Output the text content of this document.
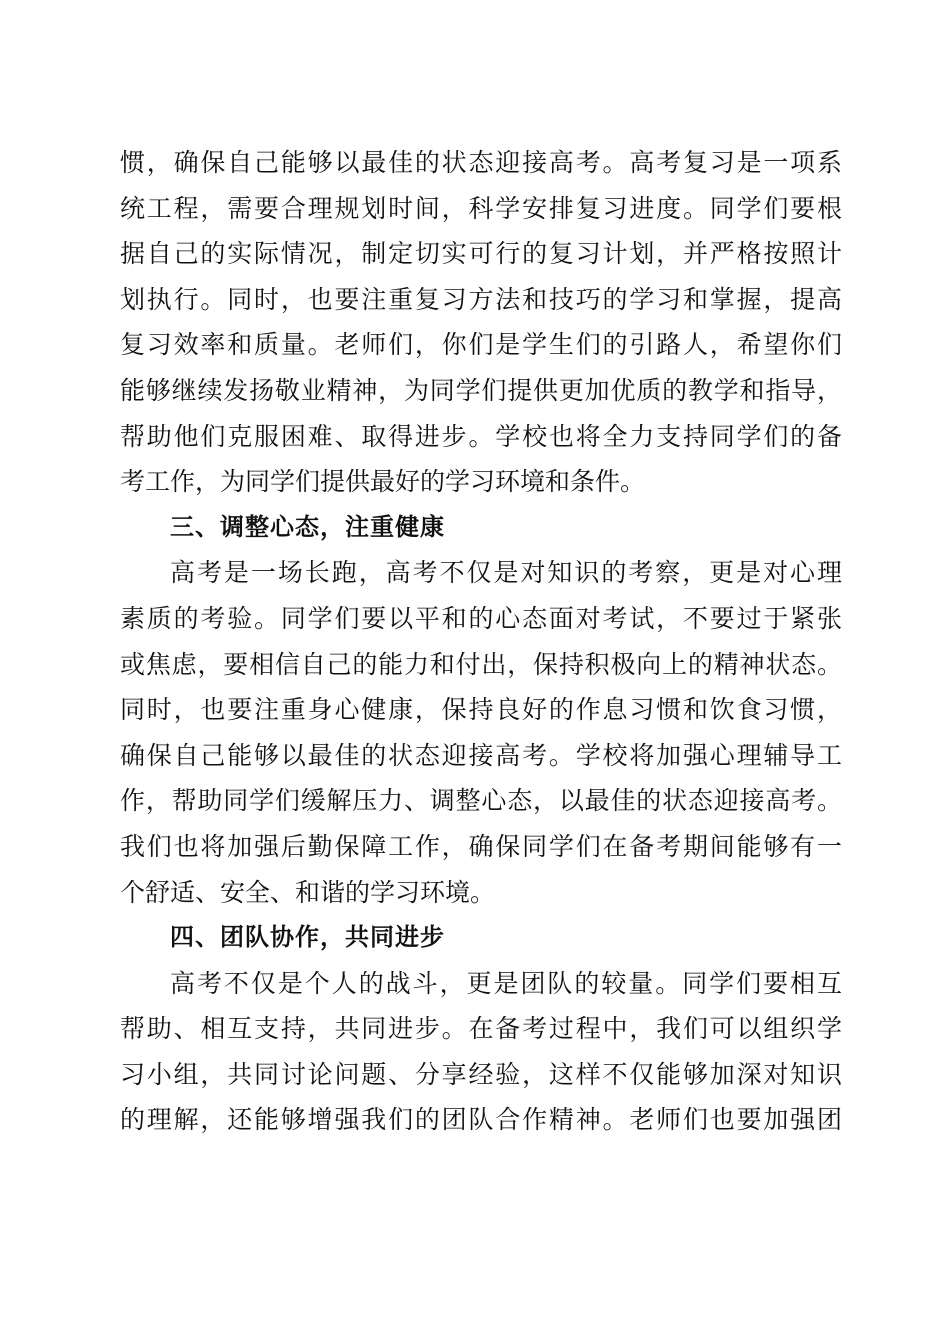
惯，确保自己能够以最佳的状态迎接高考。高考复习是一项系
统工程，需要合理规划时间，科学安排复习进度。同学们要根
据自己的实际情况，制定切实可行的复习计划，并严格按照计
划执行。同时，也要注重复习方法和技巧的学习和掌握，提高
复习效率和质量。老师们，你们是学生们的引路人，希望你们
能够继续发扬敬业精神，为同学们提供更加优质的教学和指导，
帮助他们克服困难、取得进步。学校也将全力支持同学们的备
考工作，为同学们提供最好的学习环境和条件。
三、调整心态，注重健康
高考是一场长跑，高考不仅是对知识的考察，更是对心理
素质的考验。同学们要以平和的心态面对考试，不要过于紧张
或焦虑，要相信自己的能力和付出，保持积极向上的精神状态。
同时，也要注重身心健康，保持良好的作息习惯和饮食习惯，
确保自己能够以最佳的状态迎接高考。学校将加强心理辅导工
作，帮助同学们缓解压力、调整心态，以最佳的状态迎接高考。
我们也将加强后勤保障工作，确保同学们在备考期间能够有一
个舒适、安全、和谐的学习环境。
四、团队协作，共同进步
高考不仅是个人的战斗，更是团队的较量。同学们要相互
帮助、相互支持，共同进步。在备考过程中，我们可以组织学
习小组，共同讨论问题、分享经验，这样不仅能够加深对知识
的理解，还能够增强我们的团队合作精神。老师们也要加强团
